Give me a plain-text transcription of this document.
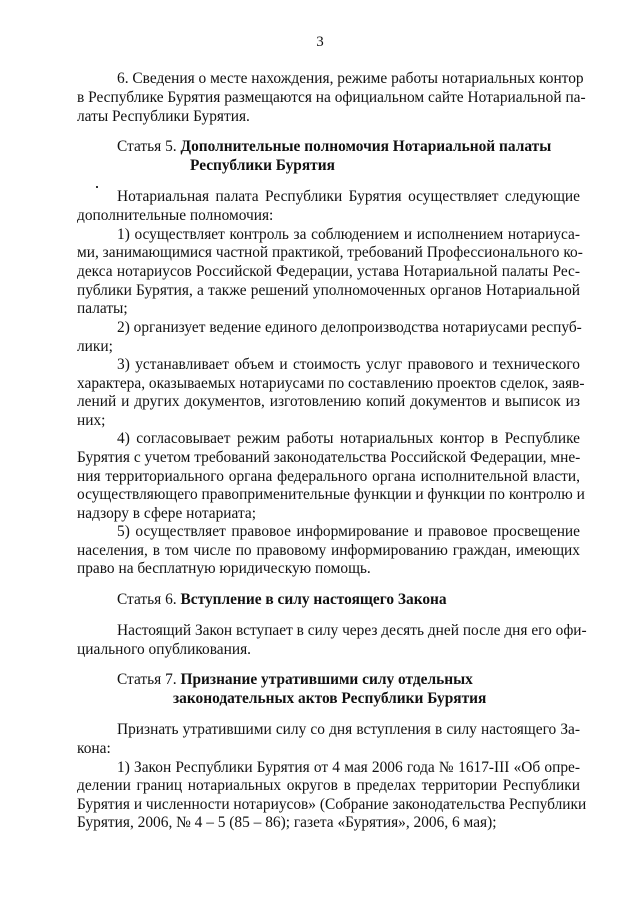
3
6. Сведения о месте нахождения, режиме работы нотариальных контор
в Республике Бурятия размещаются на официальном сайте Нотариальной па-
латы Республики Бурятия.
Статья 5. Дополнительные полномочия Нотариальной палаты
Республики Бурятия
Нотариальная палата Республики Бурятия осуществляет следующие
дополнительные полномочия:
1) осуществляет контроль за соблюдением и исполнением нотариуса-
ми, занимающимися частной практикой, требований Профессионального ко-
декса нотариусов Российской Федерации, устава Нотариальной палаты Рес-
публики Бурятия, а также решений уполномоченных органов Нотариальной
палаты;
2) организует ведение единого делопроизводства нотариусами респуб-
лики;
3) устанавливает объем и стоимость услуг правового и технического
характера, оказываемых нотариусами по составлению проектов сделок, заяв-
лений и других документов, изготовлению копий документов и выписок из
них;
4) согласовывает режим работы нотариальных контор в Республике
Бурятия с учетом требований законодательства Российской Федерации, мне-
ния территориального органа федерального органа исполнительной власти,
осуществляющего правоприменительные функции и функции по контролю и
надзору в сфере нотариата;
5) осуществляет правовое информирование и правовое просвещение
населения, в том числе по правовому информированию граждан, имеющих
право на бесплатную юридическую помощь.
Статья 6. Вступление в силу настоящего Закона
Настоящий Закон вступает в силу через десять дней после дня его офи-
циального опубликования.
Статья 7. Признание утратившими силу отдельных
законодательных актов Республики Бурятия
Признать утратившими силу со дня вступления в силу настоящего За-
кона:
1) Закон Республики Бурятия от 4 мая 2006 года № 1617-III «Об опре-
делении границ нотариальных округов в пределах территории Республики
Бурятия и численности нотариусов» (Собрание законодательства Республики
Бурятия, 2006, № 4 – 5 (85 – 86); газета «Бурятия», 2006, 6 мая);
